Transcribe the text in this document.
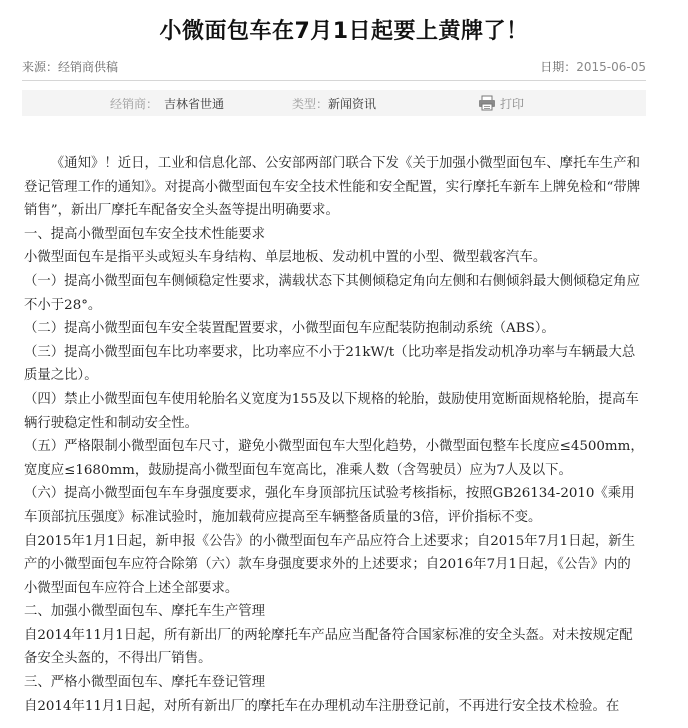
小微面包车在7月1日起要上黄牌了！
来源：经销商供稿	日期：2015-06-05
经销商： 吉林省世通	类型： 新闻资讯	打印

《通知》！近日，工业和信息化部、公安部两部门联合下发《关于加强小微型面包车、摩托车生产和登记管理工作的通知》。对提高小微型面包车安全技术性能和安全配置，实行摩托车新车上牌免检和“带牌销售”，新出厂摩托车配备安全头盔等提出明确要求。

一、提高小微型面包车安全技术性能要求

小微型面包车是指平头或短头车身结构、单层地板、发动机中置的小型、微型载客汽车。

（一）提高小微型面包车侧倾稳定性要求，满载状态下其侧倾稳定角向左侧和右侧倾斜最大侧倾稳定角应不小于28°。

（二）提高小微型面包车安全装置配置要求，小微型面包车应配装防抱制动系统（ABS）。

（三）提高小微型面包车比功率要求，比功率应不小于21kW/t（比功率是指发动机净功率与车辆最大总质量之比）。

（四）禁止小微型面包车使用轮胎名义宽度为155及以下规格的轮胎，鼓励使用宽断面规格轮胎，提高车辆行驶稳定性和制动安全性。

（五）严格限制小微型面包车尺寸，避免小微型面包车大型化趋势，小微型面包整车长度应≤4500mm，宽度应≤1680mm，鼓励提高小微型面包车宽高比，准乘人数（含驾驶员）应为7人及以下。

（六）提高小微型面包车车身强度要求，强化车身顶部抗压试验考核指标，按照GB26134-2010《乘用车顶部抗压强度》标准试验时，施加载荷应提高至车辆整备质量的3倍，评价指标不变。

自2015年1月1日起，新申报《公告》的小微型面包车产品应符合上述要求；自2015年7月1日起，新生产的小微型面包车应符合除第（六）款车身强度要求外的上述要求；自2016年7月1日起，《公告》内的小微型面包车应符合上述全部要求。

二、加强小微型面包车、摩托车生产管理

自2014年11月1日起，所有新出厂的两轮摩托车产品应当配备符合国家标准的安全头盔。对未按规定配备安全头盔的，不得出厂销售。

三、严格小微型面包车、摩托车登记管理

自2014年11月1日起，对所有新出厂的摩托车在办理机动车注册登记前，不再进行安全技术检验。在
